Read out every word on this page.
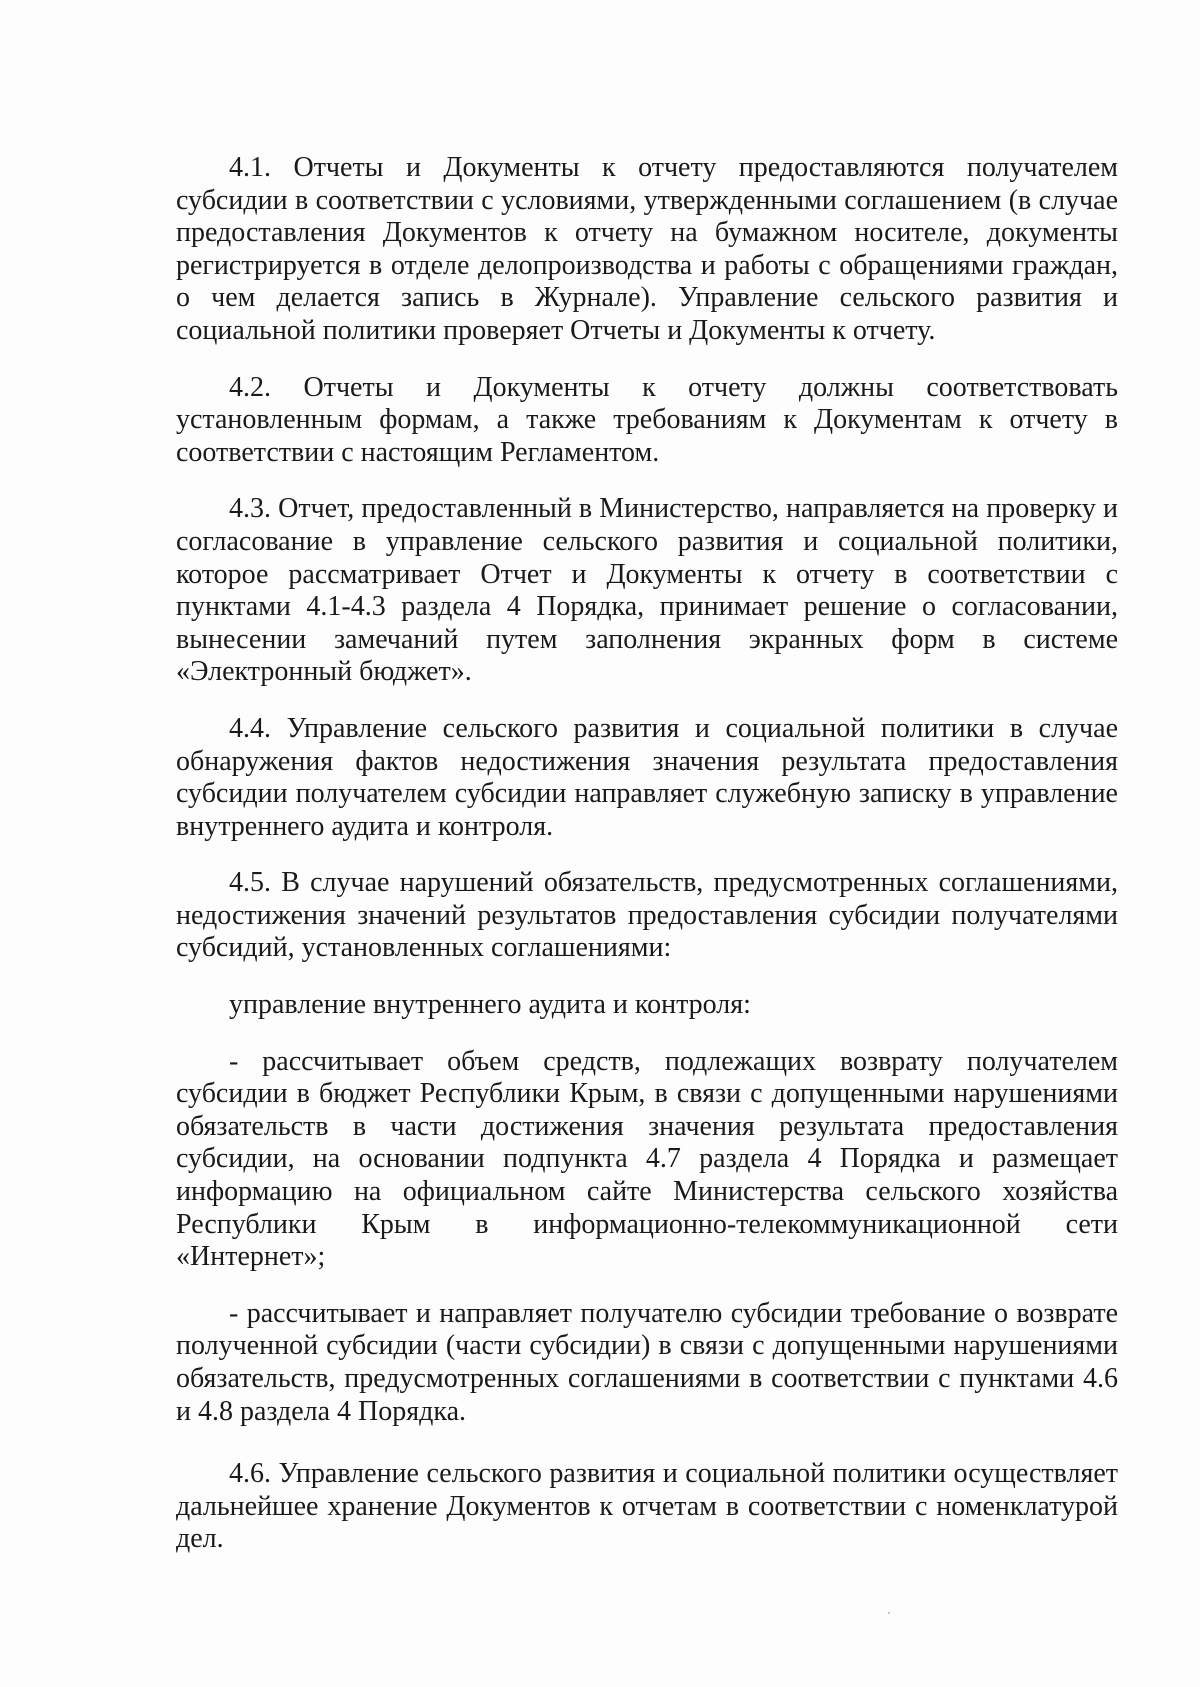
4.1. Отчеты и Документы к отчету предоставляются получателем субсидии в соответствии с условиями, утвержденными соглашением (в случае предоставления Документов к отчету на бумажном носителе, документы регистрируется в отделе делопроизводства и работы с обращениями граждан, о чем делается запись в Журнале). Управление сельского развития и социальной политики проверяет Отчеты и Документы к отчету.

4.2. Отчеты и Документы к отчету должны соответствовать установленным формам, а также требованиям к Документам к отчету в соответствии с настоящим Регламентом.

4.3. Отчет, предоставленный в Министерство, направляется на проверку и согласование в управление сельского развития и социальной политики, которое рассматривает Отчет и Документы к отчету в соответствии с пунктами 4.1-4.3 раздела 4 Порядка, принимает решение о согласовании, вынесении замечаний путем заполнения экранных форм в системе «Электронный бюджет».

4.4. Управление сельского развития и социальной политики в случае обнаружения фактов недостижения значения результата предоставления субсидии получателем субсидии направляет служебную записку в управление внутреннего аудита и контроля.

4.5. В случае нарушений обязательств, предусмотренных соглашениями, недостижения значений результатов предоставления субсидии получателями субсидий, установленных соглашениями:

управление внутреннего аудита и контроля:

- рассчитывает объем средств, подлежащих возврату получателем субсидии в бюджет Республики Крым, в связи с допущенными нарушениями обязательств в части достижения значения результата предоставления субсидии, на основании подпункта 4.7 раздела 4 Порядка и размещает информацию на официальном сайте Министерства сельского хозяйства Республики Крым в информационно-телекоммуникационной сети «Интернет»;

- рассчитывает и направляет получателю субсидии требование о возврате полученной субсидии (части субсидии) в связи с допущенными нарушениями обязательств, предусмотренных соглашениями в соответствии с пунктами 4.6 и 4.8 раздела 4 Порядка.

4.6. Управление сельского развития и социальной политики осуществляет дальнейшее хранение Документов к отчетам в соответствии с номенклатурой дел.
